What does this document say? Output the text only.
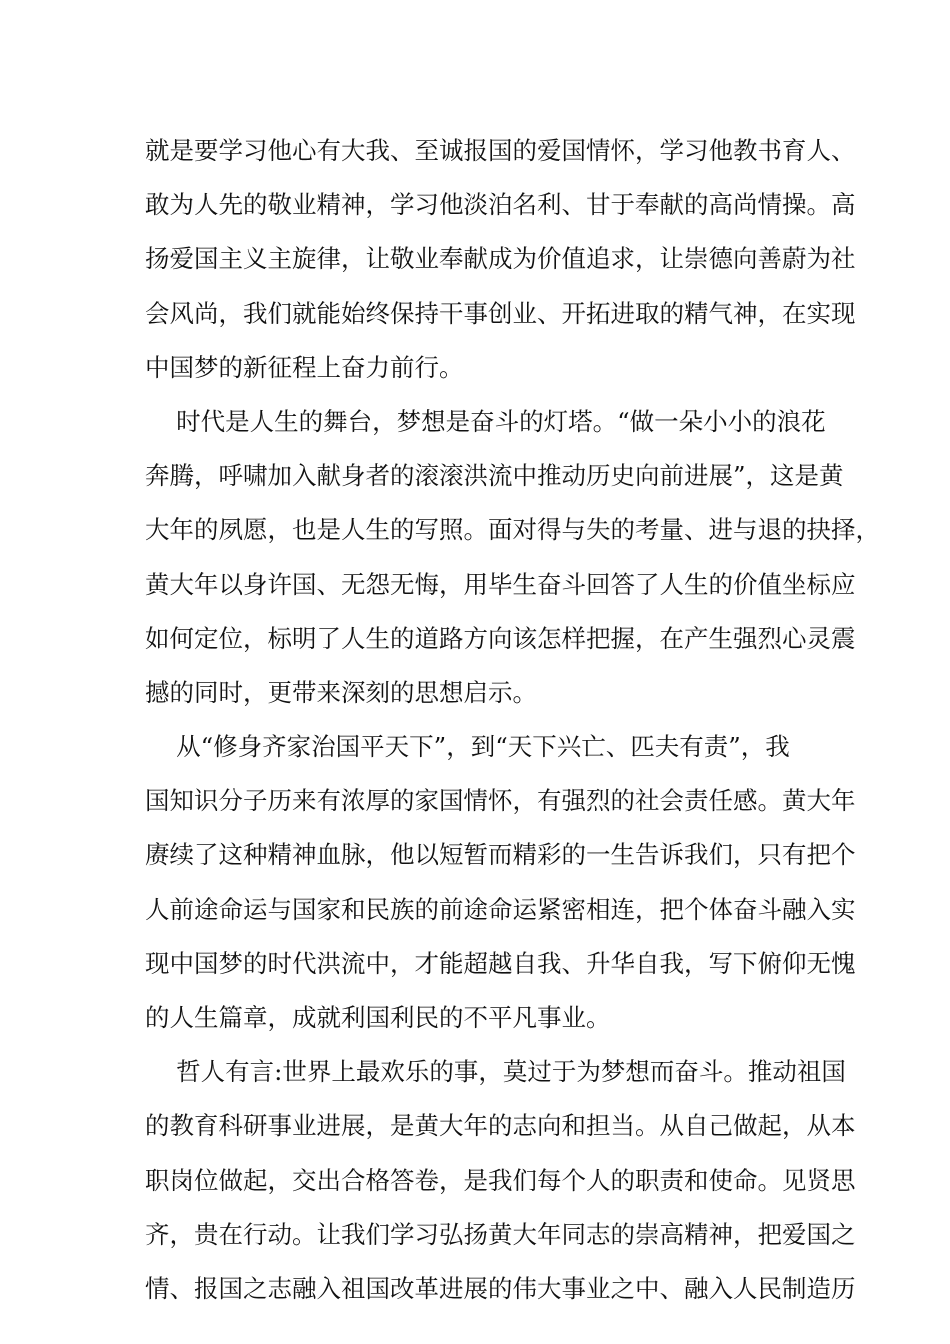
就是要学习他心有大我、至诚报国的爱国情怀，学习他教书育人、
敢为人先的敬业精神，学习他淡泊名利、甘于奉献的高尚情操。高
扬爱国主义主旋律，让敬业奉献成为价值追求，让崇德向善蔚为社
会风尚，我们就能始终保持干事创业、开拓进取的精气神，在实现
中国梦的新征程上奋力前行。
时代是人生的舞台，梦想是奋斗的灯塔。“做一朵小小的浪花
奔腾，呼啸加入献身者的滚滚洪流中推动历史向前进展”，这是黄
大年的夙愿，也是人生的写照。面对得与失的考量、进与退的抉择，
黄大年以身许国、无怨无悔，用毕生奋斗回答了人生的价值坐标应
如何定位，标明了人生的道路方向该怎样把握，在产生强烈心灵震
撼的同时，更带来深刻的思想启示。
从“修身齐家治国平天下”，到“天下兴亡、匹夫有责”，我
国知识分子历来有浓厚的家国情怀，有强烈的社会责任感。黄大年
赓续了这种精神血脉，他以短暂而精彩的一生告诉我们，只有把个
人前途命运与国家和民族的前途命运紧密相连，把个体奋斗融入实
现中国梦的时代洪流中，才能超越自我、升华自我，写下俯仰无愧
的人生篇章，成就利国利民的不平凡事业。
哲人有言:世界上最欢乐的事，莫过于为梦想而奋斗。推动祖国
的教育科研事业进展，是黄大年的志向和担当。从自己做起，从本
职岗位做起，交出合格答卷，是我们每个人的职责和使命。见贤思
齐，贵在行动。让我们学习弘扬黄大年同志的崇高精神，把爱国之
情、报国之志融入祖国改革进展的伟大事业之中、融入人民制造历
